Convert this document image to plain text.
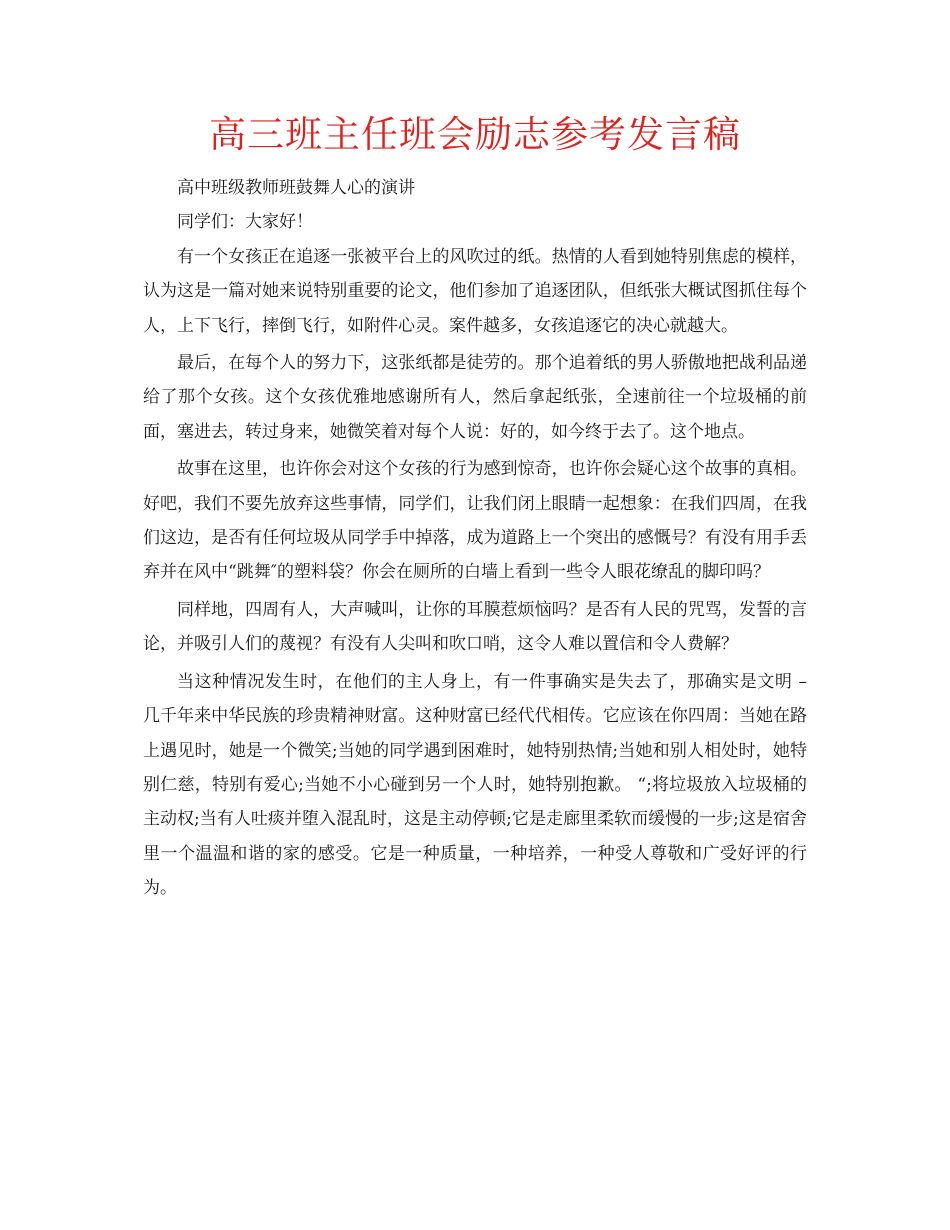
高三班主任班会励志参考发言稿

高中班级教师班鼓舞人心的演讲

同学们：大家好！

有一个女孩正在追逐一张被平台上的风吹过的纸。热情的人看到她特别焦虑的模样，认为这是一篇对她来说特别重要的论文，他们参加了追逐团队，但纸张大概试图抓住每个人，上下飞行，摔倒飞行，如附件心灵。案件越多，女孩追逐它的决心就越大。

最后，在每个人的努力下，这张纸都是徒劳的。那个追着纸的男人骄傲地把战利品递给了那个女孩。这个女孩优雅地感谢所有人，然后拿起纸张，全速前往一个垃圾桶的前面，塞进去，转过身来，她微笑着对每个人说：好的，如今终于去了。这个地点。

故事在这里，也许你会对这个女孩的行为感到惊奇，也许你会疑心这个故事的真相。好吧，我们不要先放弃这些事情，同学们，让我们闭上眼睛一起想象：在我们四周，在我们这边，是否有任何垃圾从同学手中掉落，成为道路上一个突出的感慨号？有没有用手丢弃并在风中“跳舞″的塑料袋？你会在厕所的白墙上看到一些令人眼花缭乱的脚印吗？

同样地，四周有人，大声喊叫，让你的耳膜惹烦恼吗？是否有人民的咒骂，发誓的言论，并吸引人们的蔑视？有没有人尖叫和吹口哨，这令人难以置信和令人费解？

当这种情况发生时，在他们的主人身上，有一件事确实是失去了，那确实是文明 – 几千年来中华民族的珍贵精神财富。这种财富已经代代相传。它应该在你四周：当她在路上遇见时，她是一个微笑;当她的同学遇到困难时，她特别热情;当她和别人相处时，她特别仁慈，特别有爱心;当她不小心碰到另一个人时，她特别抱歉。 “;将垃圾放入垃圾桶的主动权;当有人吐痰并堕入混乱时，这是主动停顿;它是走廊里柔软而缓慢的一步;这是宿舍里一个温温和谐的家的感受。它是一种质量，一种培养，一种受人尊敬和广受好评的行为。
